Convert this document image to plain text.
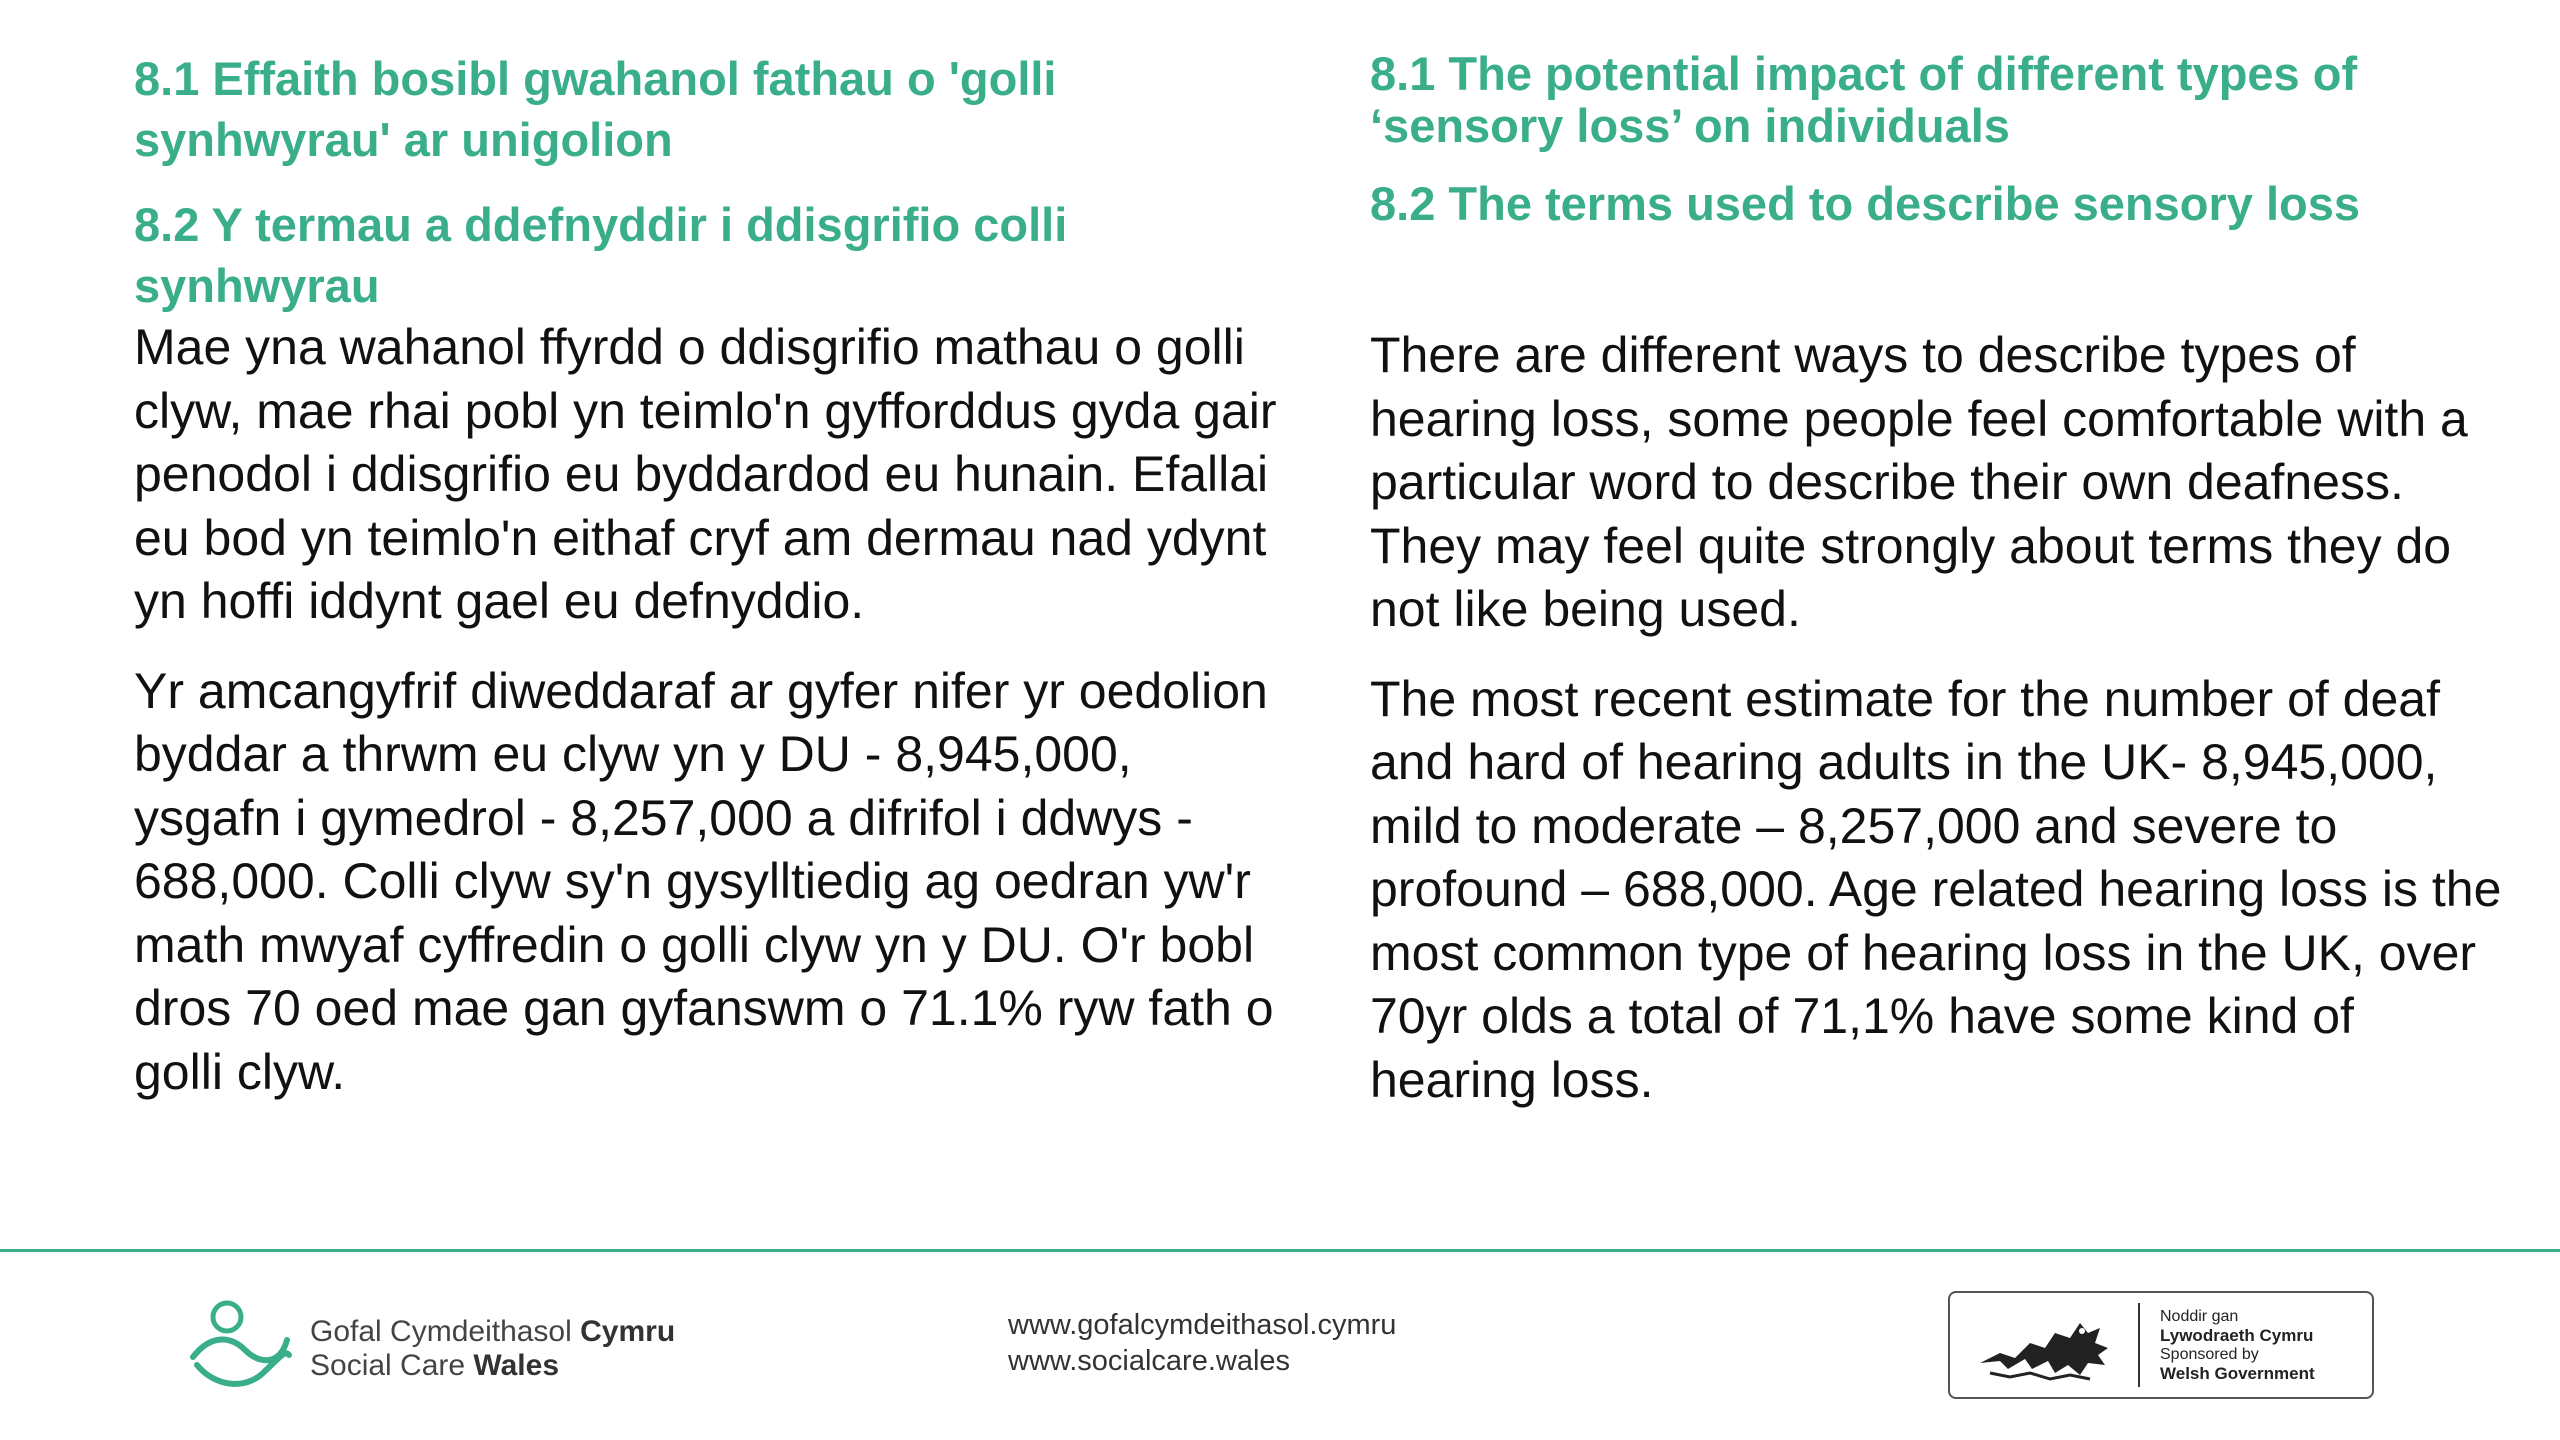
8.1 Effaith bosibl gwahanol fathau o 'golli synhwyrau' ar unigolion

8.2 Y termau a ddefnyddir i ddisgrifio colli synhwyrau

Mae yna wahanol ffyrdd o ddisgrifio mathau o golli clyw, mae rhai pobl yn teimlo'n gyfforddus gyda gair penodol i ddisgrifio eu byddardod eu hunain. Efallai eu bod yn teimlo'n eithaf cryf am dermau nad ydynt yn hoffi iddynt gael eu defnyddio.

Yr amcangyfrif diweddaraf ar gyfer nifer yr oedolion byddar a thrwm eu clyw yn y DU - 8,945,000, ysgafn i gymedrol - 8,257,000 a difrifol i ddwys - 688,000. Colli clyw sy'n gysylltiedig ag oedran yw'r math mwyaf cyffredin o golli clyw yn y DU. O'r bobl dros 70 oed mae gan gyfanswm o 71.1% ryw fath o golli clyw.

8.1 The potential impact of different types of ‘sensory loss’ on individuals

8.2 The terms used to describe sensory loss

There are different ways to describe types of hearing loss, some people feel comfortable with a particular word to describe their own deafness. They may feel quite strongly about terms they do not like being used.

The most recent estimate for the number of deaf and hard of hearing adults in the UK- 8,945,000, mild to moderate – 8,257,000 and severe to profound – 688,000. Age related hearing loss is the most common type of hearing loss in the UK, over 70yr olds a total of 71,1% have some kind of hearing loss.

Gofal Cymdeithasol Cymru
Social Care Wales
www.gofalcymdeithasol.cymru
www.socialcare.wales
Noddir gan
Lywodraeth Cymru
Sponsored by
Welsh Government
